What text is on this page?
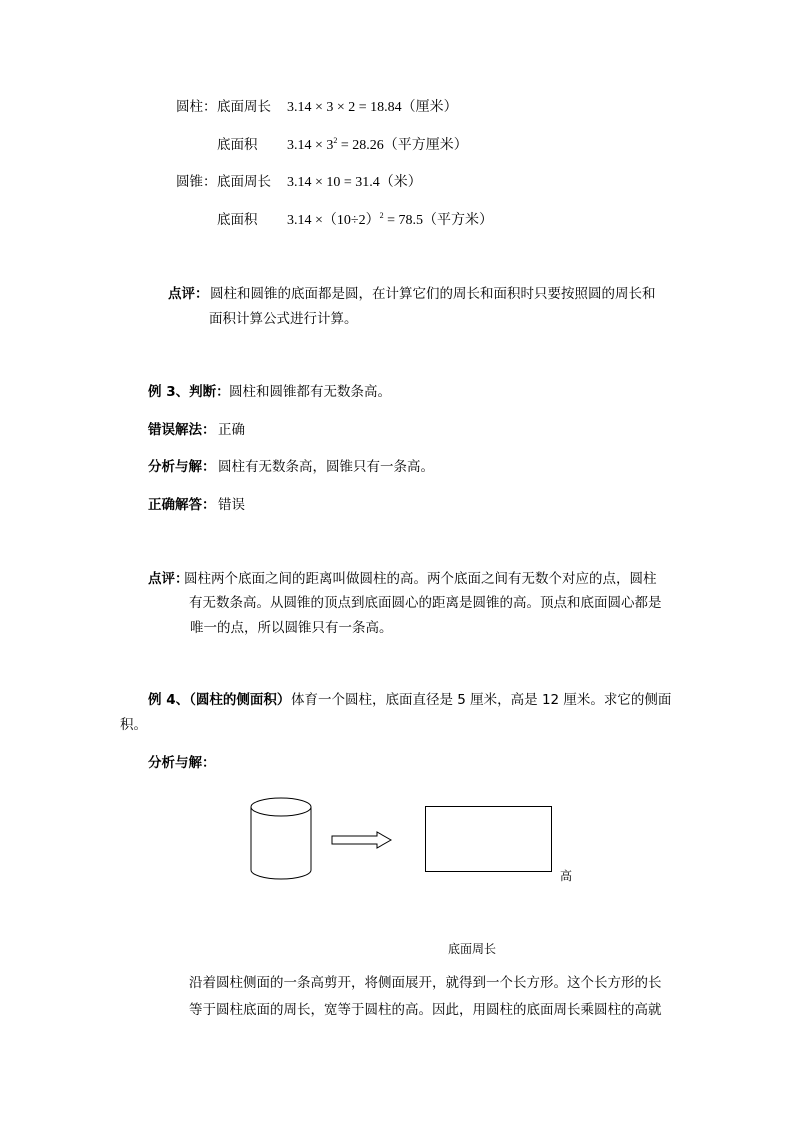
圆柱： 底面周长 3.14 × 3 × 2 = 18.84（厘米）
底面积 $3.14 \times 3^2 = 28.26$（平方厘米）
圆锥： 底面周长 3.14 × 10 = 31.4（米）
底面积 $3.14 \times(10\div 2)^2 = 78.5$（平方米）
点评： 圆柱和圆锥的底面都是圆，在计算它们的周长和面积时只要按照圆的周长和
面积计算公式进行计算。
例 3、判断： 圆柱和圆锥都有无数条高。
错误解法： 正确
分析与解： 圆柱有无数条高，圆锥只有一条高。
正确解答： 错误
点评：
圆柱两个底面之间的距离叫做圆柱的高。两个底面之间有无数个对应的点，圆柱
有无数条高。从圆锥的顶点到底面圆心的距离是圆锥的高。顶点和底面圆心都是
唯一的点，所以圆锥只有一条高。
例 4、（圆柱的侧面积） 体育一个圆柱，底面直径是 5 厘米，高是 12 厘米。求它的侧面
积。
分析与解：
高
底面周长
沿着圆柱侧面的一条高剪开，将侧面展开，就得到一个长方形。这个长方形的长
等于圆柱底面的周长，宽等于圆柱的高。因此，用圆柱的底面周长乘圆柱的高就
